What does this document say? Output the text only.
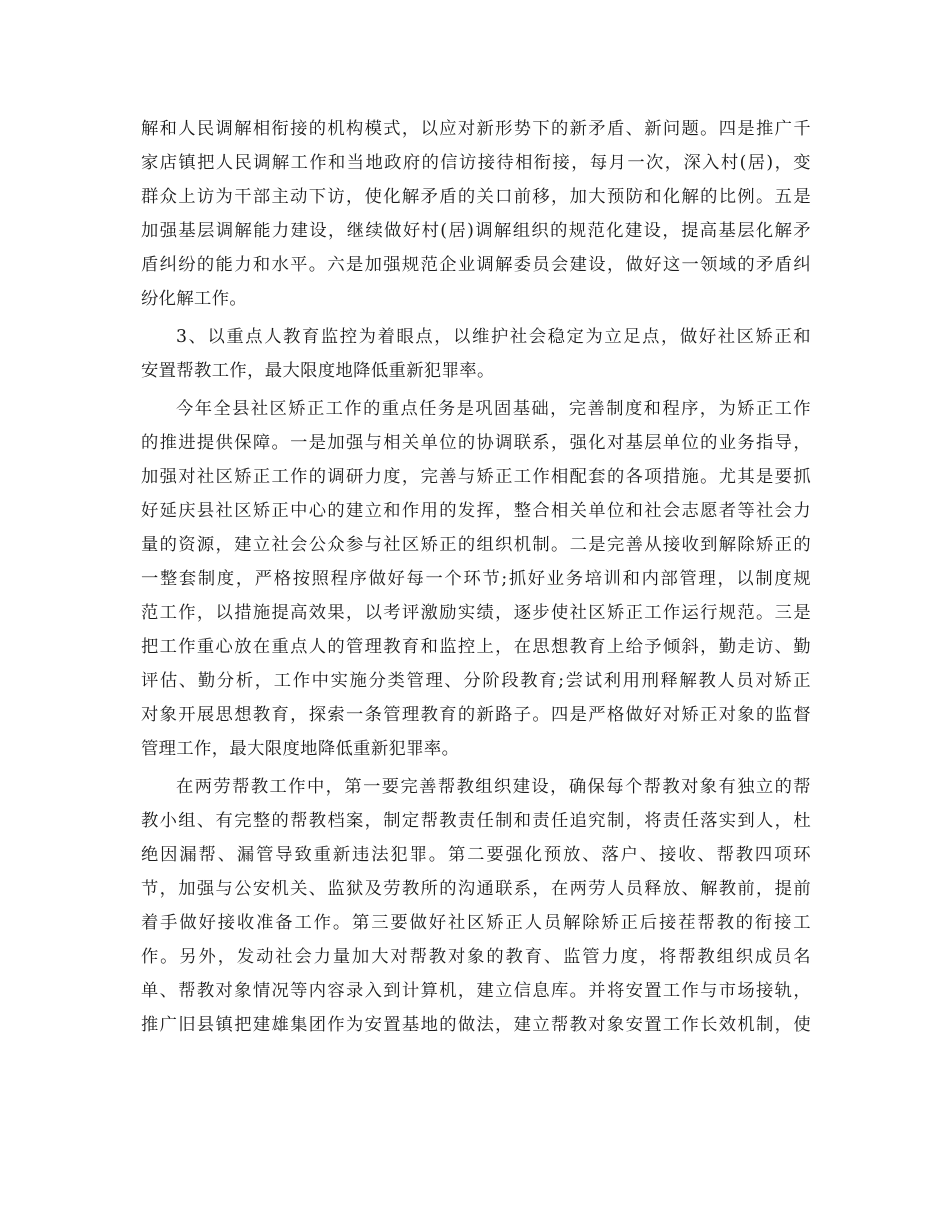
解和人民调解相衔接的机构模式，以应对新形势下的新矛盾、新问题。四是推广千
家店镇把人民调解工作和当地政府的信访接待相衔接，每月一次，深入村(居)，变
群众上访为干部主动下访，使化解矛盾的关口前移，加大预防和化解的比例。五是
加强基层调解能力建设，继续做好村(居)调解组织的规范化建设，提高基层化解矛
盾纠纷的能力和水平。六是加强规范企业调解委员会建设，做好这一领域的矛盾纠
纷化解工作。
3、以重点人教育监控为着眼点，以维护社会稳定为立足点，做好社区矫正和
安置帮教工作，最大限度地降低重新犯罪率。
今年全县社区矫正工作的重点任务是巩固基础，完善制度和程序，为矫正工作
的推进提供保障。一是加强与相关单位的协调联系，强化对基层单位的业务指导，
加强对社区矫正工作的调研力度，完善与矫正工作相配套的各项措施。尤其是要抓
好延庆县社区矫正中心的建立和作用的发挥，整合相关单位和社会志愿者等社会力
量的资源，建立社会公众参与社区矫正的组织机制。二是完善从接收到解除矫正的
一整套制度，严格按照程序做好每一个环节;抓好业务培训和内部管理，以制度规
范工作，以措施提高效果，以考评激励实绩，逐步使社区矫正工作运行规范。三是
把工作重心放在重点人的管理教育和监控上，在思想教育上给予倾斜，勤走访、勤
评估、勤分析，工作中实施分类管理、分阶段教育;尝试利用刑释解教人员对矫正
对象开展思想教育，探索一条管理教育的新路子。四是严格做好对矫正对象的监督
管理工作，最大限度地降低重新犯罪率。
在两劳帮教工作中，第一要完善帮教组织建设，确保每个帮教对象有独立的帮
教小组、有完整的帮教档案，制定帮教责任制和责任追究制，将责任落实到人，杜
绝因漏帮、漏管导致重新违法犯罪。第二要强化预放、落户、接收、帮教四项环
节，加强与公安机关、监狱及劳教所的沟通联系，在两劳人员释放、解教前，提前
着手做好接收准备工作。第三要做好社区矫正人员解除矫正后接茬帮教的衔接工
作。另外，发动社会力量加大对帮教对象的教育、监管力度，将帮教组织成员名
单、帮教对象情况等内容录入到计算机，建立信息库。并将安置工作与市场接轨，
推广旧县镇把建雄集团作为安置基地的做法，建立帮教对象安置工作长效机制，使
